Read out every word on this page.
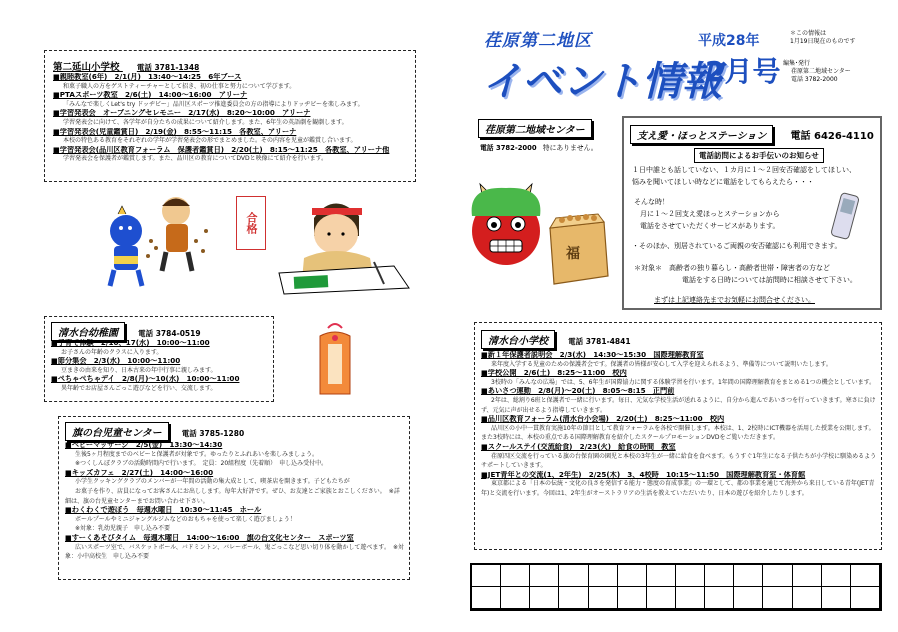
第二延山小学校 電話 3781-1348
■親睦教室(6年)　2/1(月)　13:40～14:25　6年ブース
和菓子職人の方をゲストティーチャーとして招き、初の仕事と努力について学びます。
■PTAスポーツ教室　2/6(土)　14:00～16:00　アリーナ
「みんなで楽しくLet's try ドッヂビー」品川区スポーツ推進委員会の方の指導によりドッヂビーを楽しみます。
■学習発表会　オープニングセレモニー　2/17(水)　8:20～10:00　アリーナ
学習発表会に向けて、各学年が自分たちの成果について紹介します。また、6年生の英語劇を観劇します。
■学習発表会(児童鑑賞日)　2/19(金)　8:55～11:15　各教室、アリーナ
本校の特色ある教育をそれぞれの学年が学習発表会の形でまとめました。その内容を児童が鑑賞し合います。
■学習発表会(品川区教育フォーラム　保護者鑑賞日)　2/20(土)　8:15～11:25　各教室、アリーナ他
学習発表会を保護者が鑑賞します。また、品川区の教育についてDVDと映像にて紹介を行います。
合格
清水台幼稚園	電話 3784-0519
■子育て体験　2/10、17(水)　10:00～11:00
お子さんの年齢のクラスに入ります。
■節分集会　2/3(水)　10:00～11:00
豆まきの由来を知り、日本古来の年中行事に親しみます。
■ぺちゃぺちゃデイ　2/8(月)～10(水)　10:00～11:00
異年齢でお店屋さんごっこ遊びなどを行い、交流します。
旗の台児童センター	電話 3785-1280
■ベビーマッサージ　2/5(金)　13:30～14:30
生後5ヶ月程度までのベビーと保護者が対象です。ゆったりとふれあいを楽しみましょう。
※つくしんぼクラブの活動時間内で行います。　定員：20組程度（先着順）　申し込み受付中。
■キッズカフェ　2/27(土)　14:00～16:00
小学生クッキングクラブのメンバーが一年間の活動の集大成として、喫茶店を開きます。子どもたちが
お菓子を作り、店員になってお客さんにお出しします。毎年大好評です。ぜひ、お友達とご家族とおこしください。　※詳細は、旗の台児童センターまでお問い合わせ下さい。
■わくわくで遊ぼう　毎週水曜日　10:30～11:45　ホール
ボールプールやミニジャングルジムなどのおもちゃを使って楽しく遊びましょう！
※対象：乳幼児親子　申し込み不要
■すーくあそびタイム　毎週木曜日　14:00～16:00　旗の台文化センター　スポーツ室
広いスポーツ室で、バスケットボール、バドミントン、バレーボール、鬼ごっこなど思い切り体を動かして遊べます。　※対象：小中高校生　申し込み不要
荏原第二地区
イベント情報
平成28年
2月号
＊この情報は
1月19日現在のものです
編集･発行
荏原第二地域センター
電話 3782-2000
荏原第二地域センター
電話 3782-2000 特にありません。
福
支え愛・ほっとステーション 電話 6426-4110
電話訪問によるお手伝いのお知らせ
１日中誰とも話していない、１カ月に１～２回安否確認をしてほしい、
悩みを聞いてほしい時などに電話をしてもらえたら・・・
そんな時！
月に１～２回支え愛ほっとステーションから
電話をさせていただくサービスがあります。
・そのほか、別居されているご両親の安否確認にも利用できます。
＊対象＊　高齢者の独り暮らし・高齢者世帯・障害者の方など
電話をする日時については訪問時に相談させて下さい。
まずは上記連絡先までお気軽にお問合せください。
清水台小学校	電話 3781-4841
■新１年保護者説明会　2/3(水)　14:30～15:30　国際理解教育室
来年度入学する児童のための保護者会です。保護者の皆様が安心して入学を迎えられるよう、準備等について説明いたします。
■学校公開　2/6(土)　8:25～11:00　校内
3校時の「みんなの広場」では、5、6年生が国際協力に関する体験学習を行います。1年間の国際理解教育をまとめる1つの機会としています。
■あいさつ運動　2/8(月)～20(土)　8:05～8:15　正門前
2年は、総割り6班と保護者で一緒に行います。毎日、元気な学校生活が送れるように、自分から進んであいさつを行っていきます。寒さに負けず、元気に声が出せるよう指導していきます。
■品川区教育フォーラム(清水台小会場)　2/20(土)　8:25～11:00　校内
品川区の小中一貫教育実施10年の節目として教育フォーラムを各校で開催します。本校は、1、2校時にICT機器を活用した授業を公開します。また3校時には、本校の重点である国際理解教育を紹介したスクールプロモーションDVDをご覧いただきます。
■スクールステイ(交流給食)　2/23(火)　給食の時間　教室
荏原四区交流を行っている旗の台保育園の園児と本校の3年生が一緒に給食を食べます。もうすぐ1年生になる子供たちが小学校に馴染めるようサポートしていきます。
■JET青年との交流(1、2年生)　2/25(木)　3、4校時　10:15～11:50　国際理解教育室・体育館
東京都による「日本の伝統・文化の良さを発信する能力・態度の育成事業」の一環として、都の事業を通じて海外から来日している青年(JET青年)と交流を行います。今回は1、2年生がオーストラリアの生活を教えていただいたり、日本の遊びを紹介したりします。
